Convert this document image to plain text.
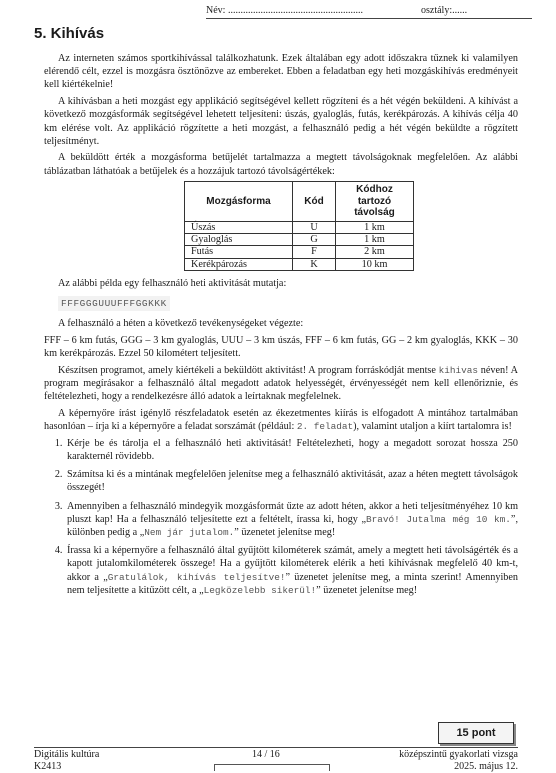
Név: ......................................................	osztály:......
5. Kihívás

Az interneten számos sportkihívással találkozhatunk. Ezek általában egy adott időszakra tűznek ki valamilyen elérendő célt, ezzel is mozgásra ösztönözve az embereket. Ebben a feladatban egy heti mozgáskihívás eredményeit kell kiértékelnie!

A kihívásban a heti mozgást egy applikáció segítségével kellett rögzíteni és a hét végén beküldeni. A kihívást a következő mozgásformák segítségével lehetett teljesíteni: úszás, gyaloglás, futás, kerékpározás. A kihívás célja 40 km elérése volt. Az applikáció rögzítette a heti mozgást, a felhasználó pedig a hét végén beküldte a rögzített teljesítményt.

A beküldött érték a mozgásforma betűjelét tartalmazza a megtett távolságoknak megfelelően. Az alábbi táblázatban láthatóak a betűjelek és a hozzájuk tartozó távolságértékek:

Mozgásforma	Kód	Kódhoz tartozó távolság
Úszás	U	1 km
Gyaloglás	G	1 km
Futás	F	2 km
Kerékpározás	K	10 km

Az alábbi példa egy felhasználó heti aktivitását mutatja:

FFFGGGUUUFFFGGKKK

A felhasználó a héten a következő tevékenységeket végezte:

FFF – 6 km futás, GGG – 3 km gyaloglás, UUU – 3 km úszás, FFF – 6 km futás, GG – 2 km gyaloglás, KKK – 30 km kerékpározás. Ezzel 50 kilométert teljesített.

Készítsen programot, amely kiértékeli a beküldött aktivitást! A program forráskódját mentse kihivas néven! A program megírásakor a felhasználó által megadott adatok helyességét, érvényességét nem kell ellenőriznie, és feltételezheti, hogy a rendelkezésre álló adatok a leírtaknak megfelelnek.

A képernyőre írást igénylő részfeladatok esetén az ékezetmentes kiírás is elfogadott A mintához tartalmában hasonlóan – írja ki a képernyőre a feladat sorszámát (például: 2. feladat), valamint utaljon a kiírt tartalomra is!

1. Kérje be és tárolja el a felhasználó heti aktivitását! Feltételezheti, hogy a megadott sorozat hossza 250 karakternél rövidebb.
2. Számítsa ki és a mintának megfelelően jelenítse meg a felhasználó aktivitását, azaz a héten megtett távolságok összegét!
3. Amennyiben a felhasználó mindegyik mozgásformát űzte az adott héten, akkor a heti teljesítményéhez 10 km pluszt kap! Ha a felhasználó teljesítette ezt a feltételt, írassa ki, hogy „Bravó! Jutalma még 10 km.”, különben pedig a „Nem jár jutalom.” üzenetet jelenítse meg!
4. Írassa ki a képernyőre a felhasználó által gyűjtött kilométerek számát, amely a megtett heti távolságérték és a kapott jutalomkilométerek összege! Ha a gyűjtött kilométerek elérik a heti kihívásnak megfelelő 40 km-t, akkor a „Gratulálok, kihívás teljesítve!” üzenetet jelenítse meg, a minta szerint! Amennyiben nem teljesítette a kitűzött célt, a „Legközelebb sikerül!” üzenetet jelenítse meg!
15 pont
Digitális kultúra
K2413
14 / 16	középszintű gyakorlati vizsga
2025. május 12.
